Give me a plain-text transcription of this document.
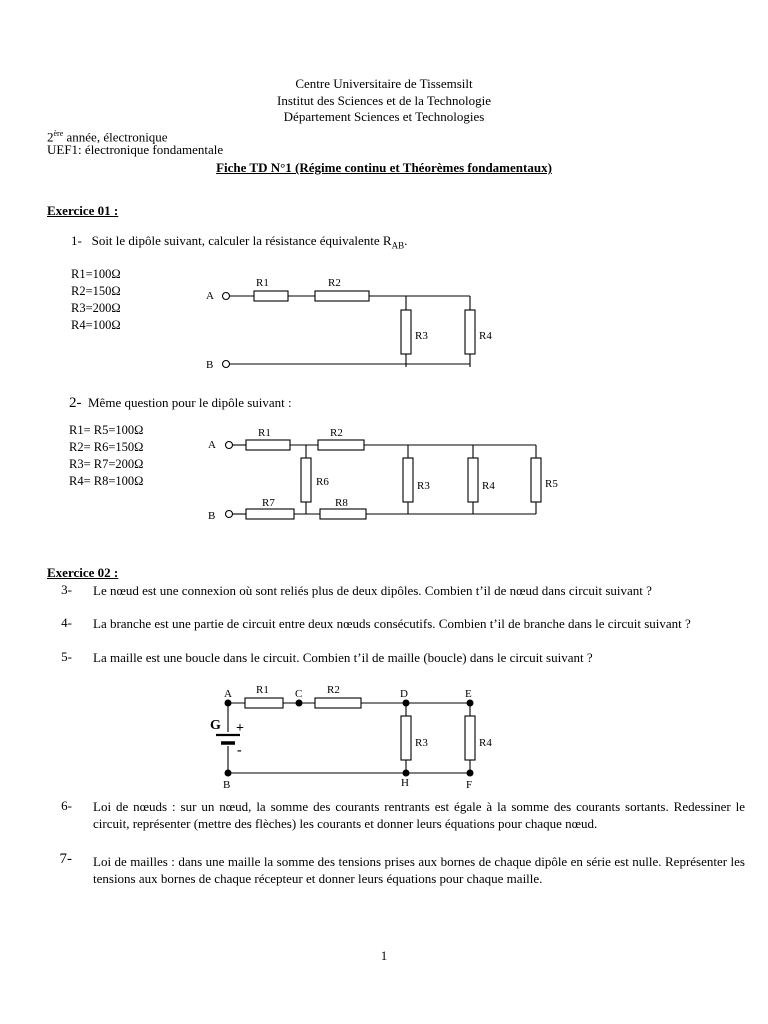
Centre Universitaire de Tissemsilt
Institut des Sciences et de la Technologie
Département Sciences et Technologies
2ère année, électronique
UEF1: électronique fondamentale
Fiche TD N°1 (Régime continu et Théorèmes fondamentaux)
Exercice 01 :
1- Soit le dipôle suivant, calculer la résistance équivalente $R_{AB}$.
R1=100Ω
R2=150Ω
R3=200Ω
R4=100Ω
2- Même question pour le dipôle suivant :
R1= R5=100Ω
R2= R6=150Ω
R3= R7=200Ω
R4= R8=100Ω
Exercice 02 :
3- Le nœud est une connexion où sont reliés plus de deux dipôles. Combien t’il de nœud dans circuit suivant ?
4- La branche est une partie de circuit entre deux nœuds consécutifs. Combien t’il de branche dans le circuit suivant ?
5- La maille est une boucle dans le circuit. Combien t’il de maille (boucle) dans le circuit suivant ?
6- Loi de nœuds : sur un nœud, la somme des courants rentrants est égale à la somme des courants sortants. Redessiner le circuit, représenter (mettre des flèches) les courants et donner leurs équations pour chaque nœud.
7- Loi de mailles : dans une maille la somme des tensions prises aux bornes de chaque dipôle en série est nulle. Représenter les tensions aux bornes de chaque récepteur et donner leurs équations pour chaque maille.
1
A
B
R1	R2
R3	R4
A
B
R1	R2
R6	R3	R4	R5
R7	R8
A R1 C R2	D	E
G +
-	R3	R4
B	H	F
